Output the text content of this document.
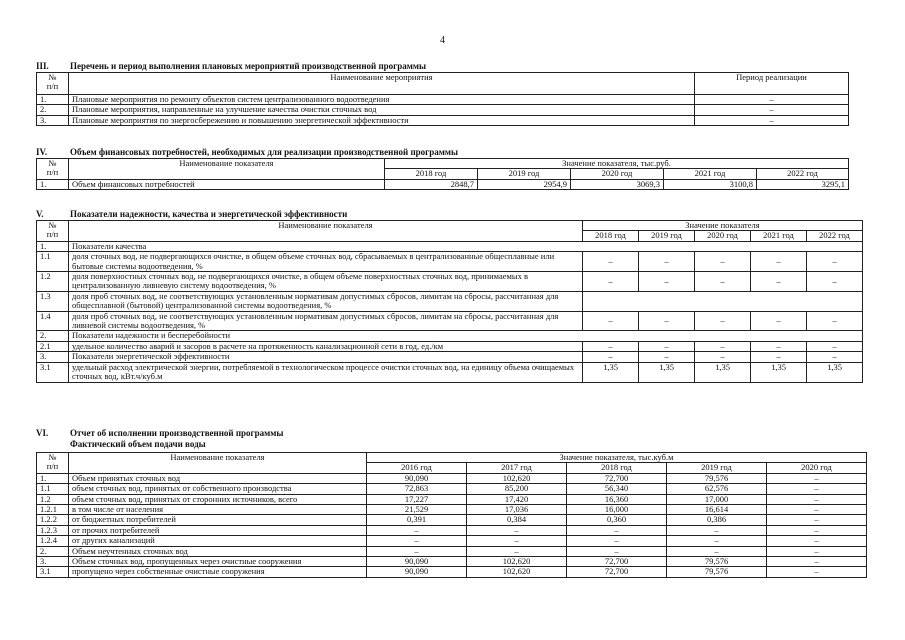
4
III. Перечень и период выполнения плановых мероприятий производственной программы
№
п/п	Наименование мероприятия	Период реализации
1.	Плановые мероприятия по ремонту объектов систем централизованного водоотведения	–
2.	Плановые мероприятия, направленные на улучшение качества очистки сточных вод	–
3.	Плановые мероприятия по энергосбережению и повышению энергетической эффективности	–
IV.	Объем финансовых потребностей, необходимых для реализации производственной программы
№
п/п	Наименование показателя	Значение показателя, тыс.руб.				
		2018 год	2019 год	2020 год	2021 год	2022 год
1.	Объем финансовых потребностей	2848,7	2954,9	3069,3	3100,8	3295,1
V.	Показатели надежности, качества и энергетической эффективности
№
п/п	Наименование показателя	Значение показателя				
		2018 год	2019 год	2020 год	2021 год	2022 год
1.	Показатели качества					
1.1	доля сточных вод, не подвергающихся очистке, в общем объеме сточных вод, сбрасываемых в централизованные общесплавные или бытовые системы водоотведения, %	–	–	–	–	–
1.2	доля поверхностных сточных вод, не подвергающихся очистке, в общем объеме поверхностных сточных вод, принимаемых в централизованную ливневую систему водоотведения, %	–	–	–	–	–
1.3	доля проб сточных вод, не соответствующих установленным нормативам допустимых сбросов, лимитам на сбросы, рассчитанная для общесплавной (бытовой) централизованной системы водоотведения, %					
1.4	доля проб сточных вод, не соответствующих установленным нормативам допустимых сбросов, лимитам на сбросы, рассчитанная для ливневой системы водоотведения, %	–	–	–	–	–
2.	Показатели надежности и бесперебойности					
2.1	удельное количество аварий и засоров в расчете на протяженность канализационной сети в год, ед./км	–	–	–	–	–
3.	Показатели энергетической эффективности	–	–	–	–	–
3.1	удельный расход электрической энергии, потребляемой в технологическом процессе очистки сточных вод, на единицу объема очищаемых сточных вод, кВт.ч/куб.м	1,35	1,35	1,35	1,35	1,35
VI. Отчет об исполнении производственной программы
Фактический объем подачи воды
№
п/п	Наименование показателя	Значение показателя, тыс.куб.м				
		2016 год	2017 год	2018 год	2019 год	2020 год
1.	Объем принятых сточных вод	90,090	102,620	72,700	79,576	–
1.1	объем сточных вод, принятых от собственного производства	72,863	85,200	56,340	62,576	–
1.2	объем сточных вод, принятых от сторонних источников, всего	17,227	17,420	16,360	17,000	–
1.2.1	в том числе от населения	21,529	17,036	16,000	16,614	–
1.2.2	от бюджетных потребителей	0,391	0,384	0,360	0,386	–
1.2.3	от прочих потребителей	–	–	–	–	–
1.2.4	от других канализаций	–	–	–	–	–
2.	Объем неучтенных сточных вод	–	–	–	–	–
3.	Объем сточных вод, пропущенных через очистные сооружения	90,090	102,620	72,700	79,576	–
3.1	пропущено через собственные очистные сооружения	90,090	102,620	72,700	79,576	–
